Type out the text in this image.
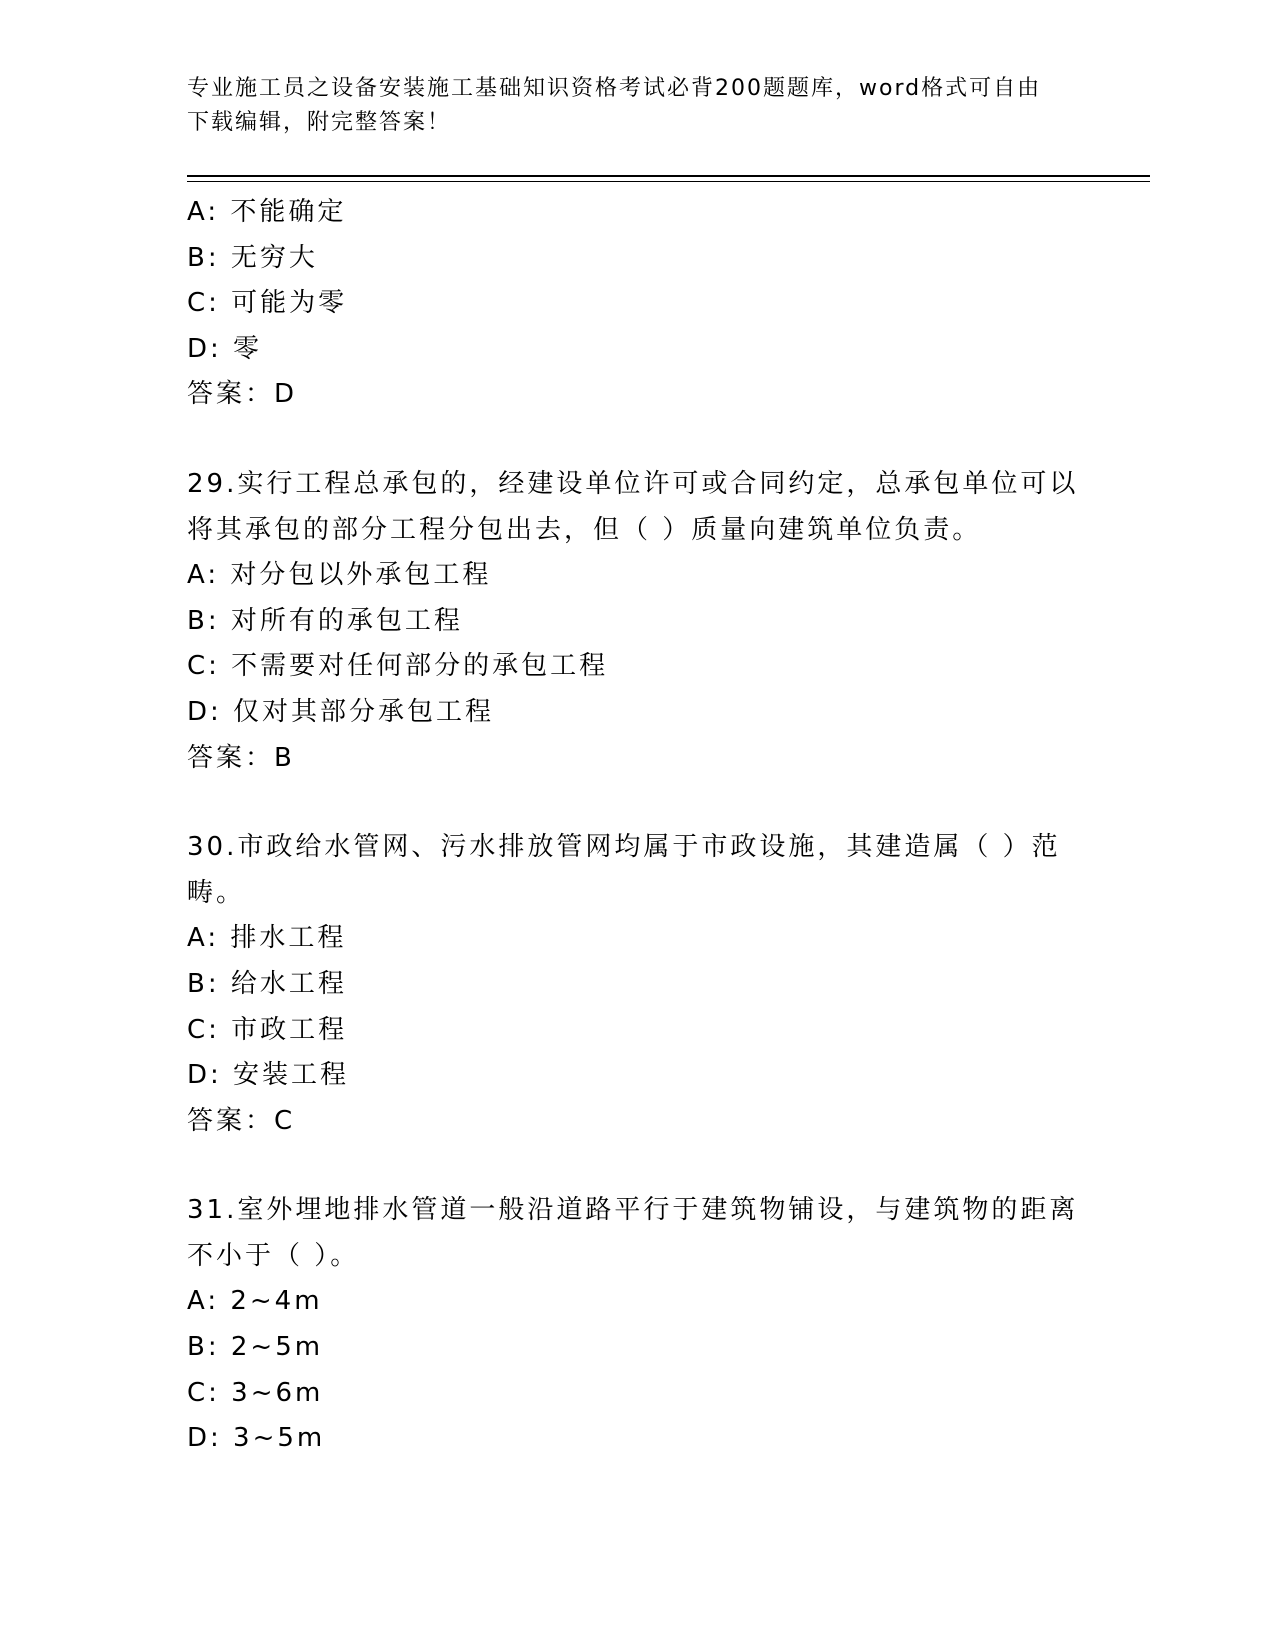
专业施工员之设备安装施工基础知识资格考试必背200题题库，word格式可自由
下载编辑，附完整答案！
A: 不能确定
B: 无穷大
C: 可能为零
D: 零
答案：D
29.实行工程总承包的，经建设单位许可或合同约定，总承包单位可以
将其承包的部分工程分包出去，但（ ）质量向建筑单位负责。
A: 对分包以外承包工程
B: 对所有的承包工程
C: 不需要对任何部分的承包工程
D: 仅对其部分承包工程
答案：B
30.市政给水管网、污水排放管网均属于市政设施，其建造属（ ）范
畴。
A: 排水工程
B: 给水工程
C: 市政工程
D: 安装工程
答案：C
31.室外埋地排水管道一般沿道路平行于建筑物铺设，与建筑物的距离
不小于（ ）。
A: 2~4m
B: 2~5m
C: 3~6m
D: 3~5m
